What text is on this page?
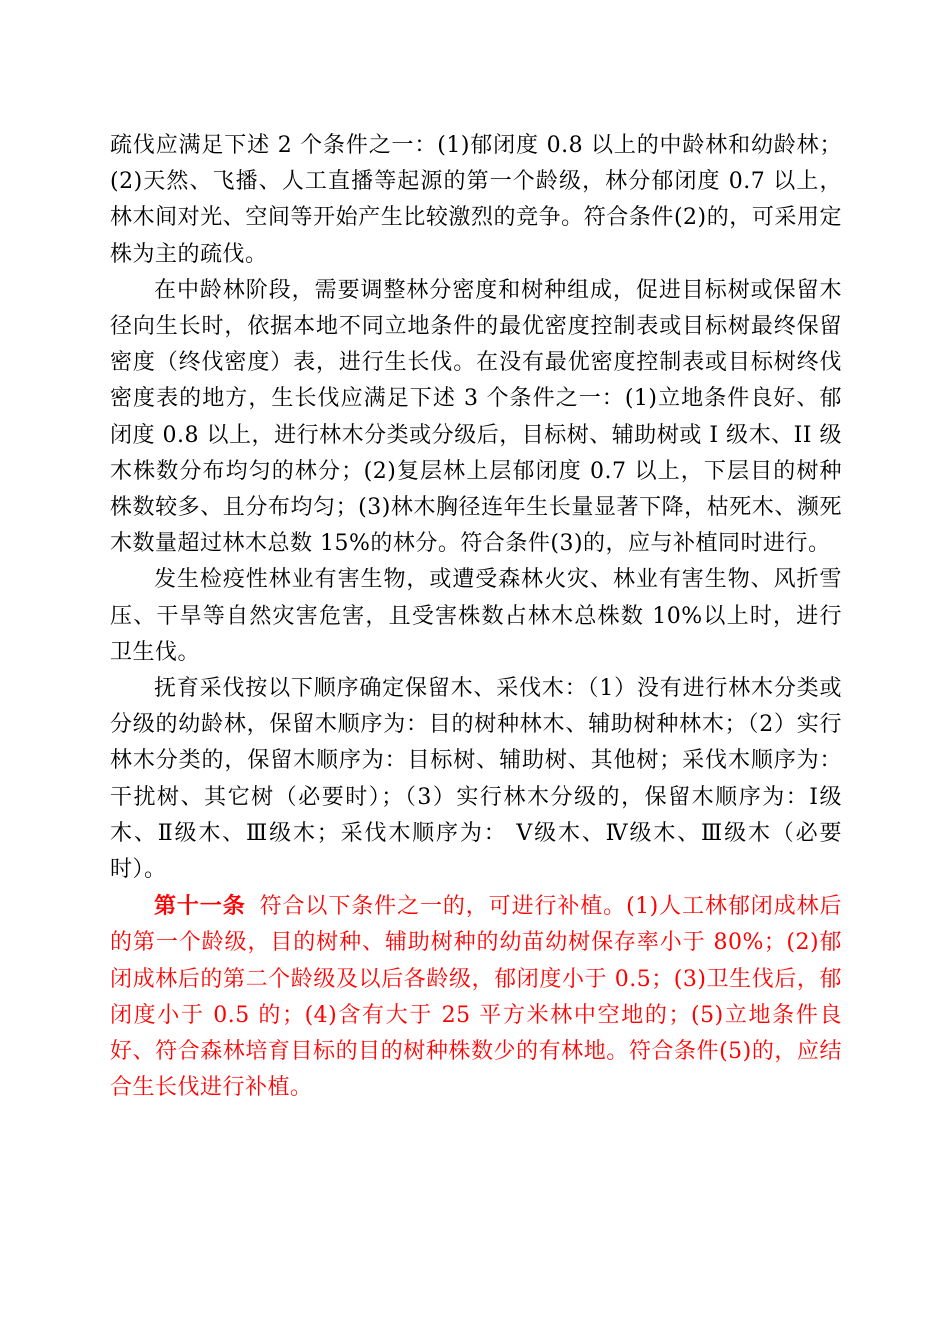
疏伐应满足下述 2 个条件之一：(1)郁闭度 0.8 以上的中龄林和幼龄林；(2)天然、飞播、人工直播等起源的第一个龄级，林分郁闭度 0.7 以上，林木间对光、空间等开始产生比较激烈的竞争。符合条件(2)的，可采用定株为主的疏伐。

在中龄林阶段，需要调整林分密度和树种组成，促进目标树或保留木径向生长时，依据本地不同立地条件的最优密度控制表或目标树最终保留密度（终伐密度）表，进行生长伐。在没有最优密度控制表或目标树终伐密度表的地方，生长伐应满足下述 3 个条件之一：(1)立地条件良好、郁闭度 0.8 以上，进行林木分类或分级后，目标树、辅助树或 I 级木、II 级木株数分布均匀的林分；(2)复层林上层郁闭度 0.7 以上，下层目的树种株数较多、且分布均匀；(3)林木胸径连年生长量显著下降，枯死木、濒死木数量超过林木总数 15%的林分。符合条件(3)的，应与补植同时进行。

发生检疫性林业有害生物，或遭受森林火灾、林业有害生物、风折雪压、干旱等自然灾害危害，且受害株数占林木总株数 10%以上时，进行卫生伐。

抚育采伐按以下顺序确定保留木、采伐木：（1）没有进行林木分类或分级的幼龄林，保留木顺序为：目的树种林木、辅助树种林木；（2）实行林木分类的，保留木顺序为：目标树、辅助树、其他树；采伐木顺序为：干扰树、其它树（必要时）；（3）实行林木分级的，保留木顺序为：Ⅰ级木、Ⅱ级木、Ⅲ级木；采伐木顺序为： Ⅴ级木、Ⅳ级木、Ⅲ级木（必要时）。

第十一条 符合以下条件之一的，可进行补植。(1)人工林郁闭成林后的第一个龄级，目的树种、辅助树种的幼苗幼树保存率小于 80%；(2)郁闭成林后的第二个龄级及以后各龄级，郁闭度小于 0.5；(3)卫生伐后，郁闭度小于 0.5 的；(4)含有大于 25 平方米林中空地的；(5)立地条件良好、符合森林培育目标的目的树种株数少的有林地。符合条件(5)的，应结合生长伐进行补植。
